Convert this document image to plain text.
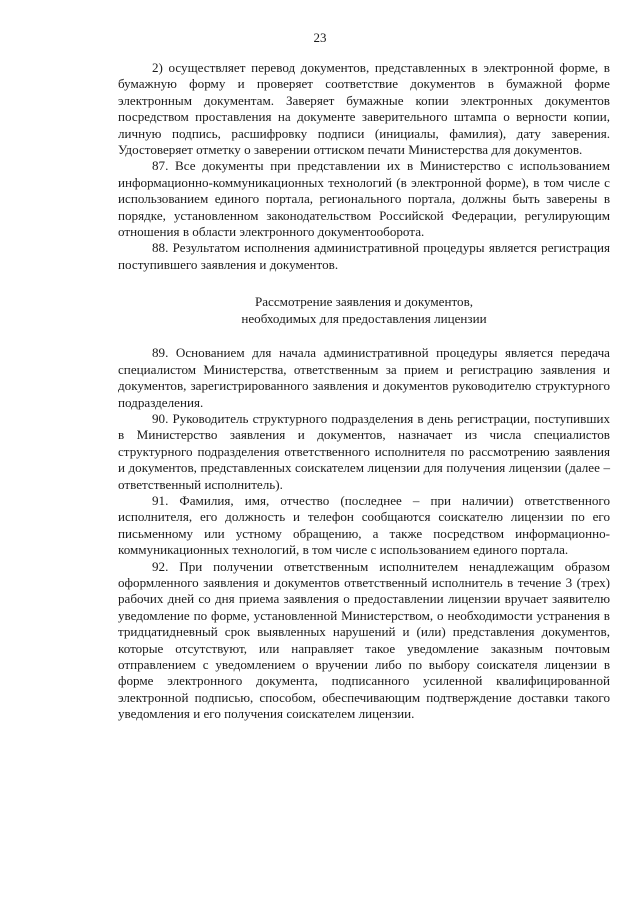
23

2) осуществляет перевод документов, представленных в электронной форме, в бумажную форму и проверяет соответствие документов в бумажной форме электронным документам. Заверяет бумажные копии электронных документов посредством проставления на документе заверительного штампа о верности копии, личную подпись, расшифровку подписи (инициалы, фамилия), дату заверения. Удостоверяет отметку о заверении оттиском печати Министерства для документов.

87. Все документы при представлении их в Министерство с использованием информационно-коммуникационных технологий (в электронной форме), в том числе с использованием единого портала, регионального портала, должны быть заверены в порядке, установленном законодательством Российской Федерации, регулирующим отношения в области электронного документооборота.

88. Результатом исполнения административной процедуры является регистрация поступившего заявления и документов.

Рассмотрение заявления и документов,
необходимых для предоставления лицензии

89. Основанием для начала административной процедуры является передача специалистом Министерства, ответственным за прием и регистрацию заявления и документов, зарегистрированного заявления и документов руководителю структурного подразделения.

90. Руководитель структурного подразделения в день регистрации, поступивших в Министерство заявления и документов, назначает из числа специалистов структурного подразделения ответственного исполнителя по рассмотрению заявления и документов, представленных соискателем лицензии для получения лицензии (далее – ответственный исполнитель).

91. Фамилия, имя, отчество (последнее – при наличии) ответственного исполнителя, его должность и телефон сообщаются соискателю лицензии по его письменному или устному обращению, а также посредством информационно-коммуникационных технологий, в том числе с использованием единого портала.

92. При получении ответственным исполнителем ненадлежащим образом оформленного заявления и документов ответственный исполнитель в течение 3 (трех) рабочих дней со дня приема заявления о предоставлении лицензии вручает заявителю уведомление по форме, установленной Министерством, о необходимости устранения в тридцатидневный срок выявленных нарушений и (или) представления документов, которые отсутствуют, или направляет такое уведомление заказным почтовым отправлением с уведомлением о вручении либо по выбору соискателя лицензии в форме электронного документа, подписанного усиленной квалифицированной электронной подписью, способом, обеспечивающим подтверждение доставки такого уведомления и его получения соискателем лицензии.
